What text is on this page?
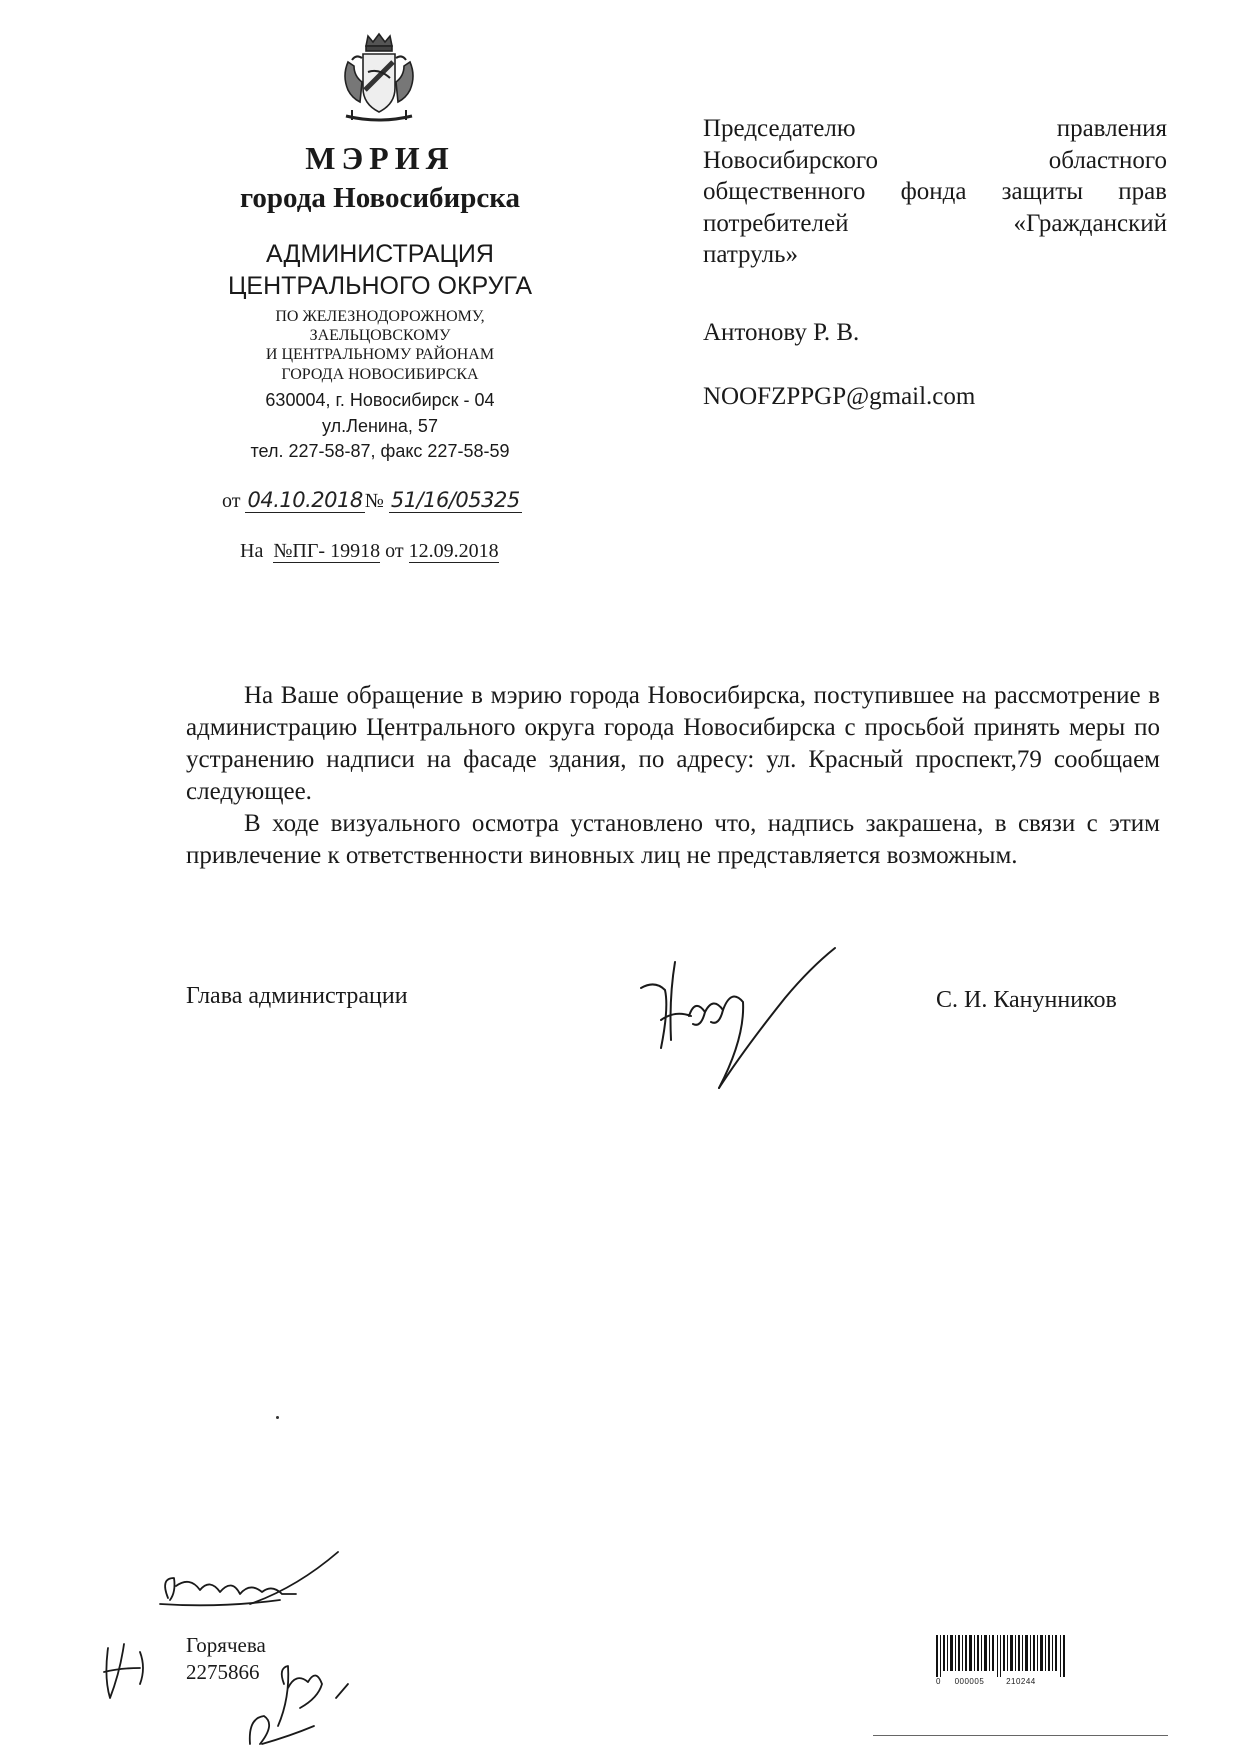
МЭРИЯ
города Новосибирска
АДМИНИСТРАЦИЯ
ЦЕНТРАЛЬНОГО ОКРУГА
ПО ЖЕЛЕЗНОДОРОЖНОМУ,
ЗАЕЛЬЦОВСКОМУ
И ЦЕНТРАЛЬНОМУ РАЙОНАМ
ГОРОДА НОВОСИБИРСКА
630004, г. Новосибирск - 04
ул.Ленина, 57
тел. 227-58-87, факс 227-58-59
от 04.10.2018 № 51/16/05325
На №ПГ- 19918 от 12.09.2018
Председателю правления
Новосибирского областного
общественного фонда защиты прав
потребителей «Гражданский
патруль»
Антонову Р. В.
NOOFZPPGP@gmail.com

На Ваше обращение в мэрию города Новосибирска, поступившее на рассмотрение в администрацию Центрального округа города Новосибирска с просьбой принять меры по устранению надписи на фасаде здания, по адресу: ул. Красный проспект,79 сообщаем следующее.

В ходе визуального осмотра установлено что, надпись закрашена, в связи с этим привлечение к ответственности виновных лиц не представляется возможным.

Глава администрации	С. И. Канунников
Горячева
2275866	0 000005	210244
